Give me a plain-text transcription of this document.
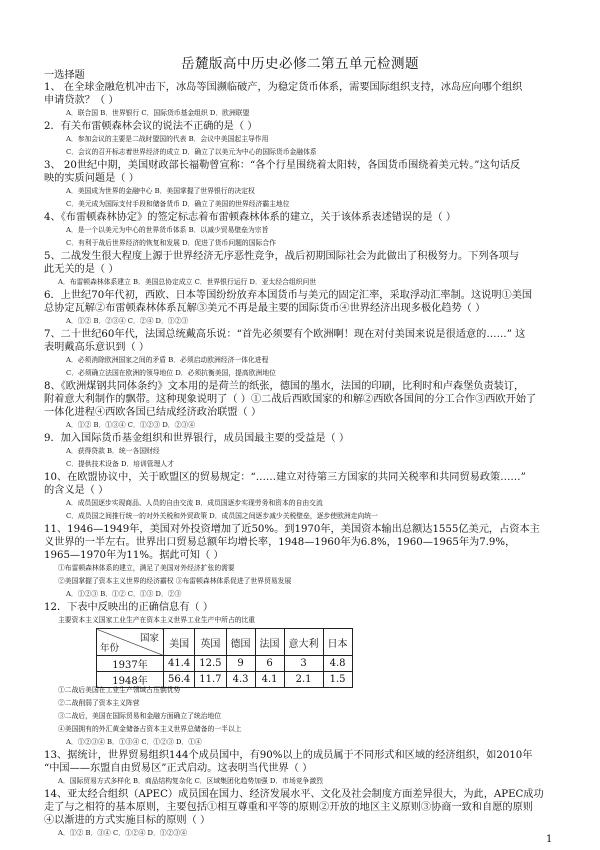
岳麓版高中历史必修二第五单元检测题
一选择题
1、 在全球金融危机冲击下，冰岛等国濒临破产，为稳定货币体系，需要国际组织支持，冰岛应向哪个组织
申请贷款？（ ）
A．联合国 B．世界银行 C．国际货币基金组织 D．欧洲联盟
2．有关布雷顿森林会议的说法不正确的是（ ）
A．参加会议的主要是二战时盟国的代表 B．会议中美国起主导作用
C．会议的召开标志着世界经济的成立 D．确立了以美元为中心的国际货币金融体系
3、 20世纪中期，美国财政部长福勒曾宣称：“各个行星围绕着太阳转，各国货币围绕着美元转。”这句话反
映的实质问题是（ ）
A．美国成为世界的金融中心 B．美国掌握了世界银行的决定权
C．美元成为国际支付手段和储备货币 D．确立了美国的世界经济霸主地位
4、《布雷顿森林协定》的签定标志着布雷顿森林体系的建立，关于该体系表述错误的是（ ）
A．是一个以美元为中心的世界货币体系 B．以减少贸易壁垒为宗旨
C．有利于战后世界经济的恢复和发展 D．促进了货币问题的国际合作
5、二战发生很大程度上源于世界经济无序恶性竞争，战后初期国际社会为此做出了积极努力。下列各项与
此无关的是（ ）
A．布雷顿森林体系建立 B．美国总协定成立 C．世界银行运行 D．亚太经合组织问世
6．上世纪70年代初，西欧、日本等国纷纷放弃本国货币与美元的固定汇率，采取浮动汇率制。这说明①美国
总协定瓦解②布雷顿森林体系瓦解③美元不再是最主要的国际货币④世界经济出现多极化趋势（ ）
A．①② B．②③④ C．②④ D．①②③
7、二十世纪60年代，法国总统戴高乐说：“首先必须要有个欧洲啊！现在对付美国来说是很适意的……” 这
表明戴高乐意识到（ ）
A．必须消除欧洲国家之间的矛盾 B．必须启动欧洲经济一体化进程
C．必须确立法国在欧洲的领导地位 D．必须抗衡美国，提高欧洲地位
8、《欧洲煤钢共同体条约》文本用的是荷兰的纸张，德国的墨水，法国的印刷，比利时和卢森堡负责装订，
附着意大利制作的飘带。这种现象说明了（ ）①二战后西欧国家的和解②西欧各国间的分工合作③西欧开始了
一体化进程④西欧各国已结成经济政治联盟（ ）
A．①② B．①③④ C．①②③ D．②③④
9．加入国际货币基金组织和世界银行，成员国最主要的受益是（ ）
A．获得贷款 B．统一各国财经
C．提供技术设备 D．培训管理人才
10、在欧盟协议中，关于欧盟区的贸易规定：“……建立对待第三方国家的共同关税率和共同贸易政策……”
的含义是（ ）
A．成员国逐步实现商品、人员的自由交流 B．成员国逐步实现劳务和资本的自由交流
C．成员国之间推行统一的对外关税和外贸政策 D．成员国之间逐步减少关税壁垒，逐步使欧洲走向统一
11、1946—1949年，美国对外投资增加了近50%。到1970年，美国资本输出总额达1555亿美元，占资本主
义世界的一半左右。世界出口贸易总额年均增长率，1948—1960年为6.8%，1960—1965年为7.9%，
1965—1970年为11%。据此可知（ ）
①布雷顿森林体系的建立，满足了美国对外经济扩张的需要
②美国掌握了资本主义世界的经济霸权 ③布雷顿森林体系促进了世界贸易发展
A．①②③ B．①② C．①③ D．②③
12．下表中反映出的正确信息有（ ）
主要资本主义国家工业生产在资本主义世界工业生产中所占的比重
国家
年份	美国	英国	德国	法国	意大利	日本
1937年	41.4	12.5	9	6	3	4.8
1948年	56.4	11.7	4.3	4.1	2.1	1.5
①二战后美国在工业生产领域占压倒优势
②二战削弱了资本主义阵营
③二战后，美国在国际贸易和金融方面确立了统治地位
④美国拥有的外汇黄金储备占资本主义世界总储备的一半以上
A．①②③④ B．①③④ C．①②③ D．①④
13、据统计，世界贸易组织144个成员国中，有90%以上的成员属于不同形式和区域的经济组织，如2010年
“中国——东盟自由贸易区”正式启动。这表明当代世界（ ）
A．国际贸易方式多样化 B．商品结构复杂化 C．区域集团化趋势加强 D．市场竞争激烈
14、亚太经合组织（APEC）成员国在国力、经济发展水平、文化及社会制度方面差异很大，为此，APEC成功
走了与之相符的基本原则，主要包括①相互尊重和平等的原则②开放的地区主义原则③协商一致和自愿的原则
④以渐进的方式实施目标的原则（ ）
A．①② B．③④ C．①②④ D．①②③④
1
